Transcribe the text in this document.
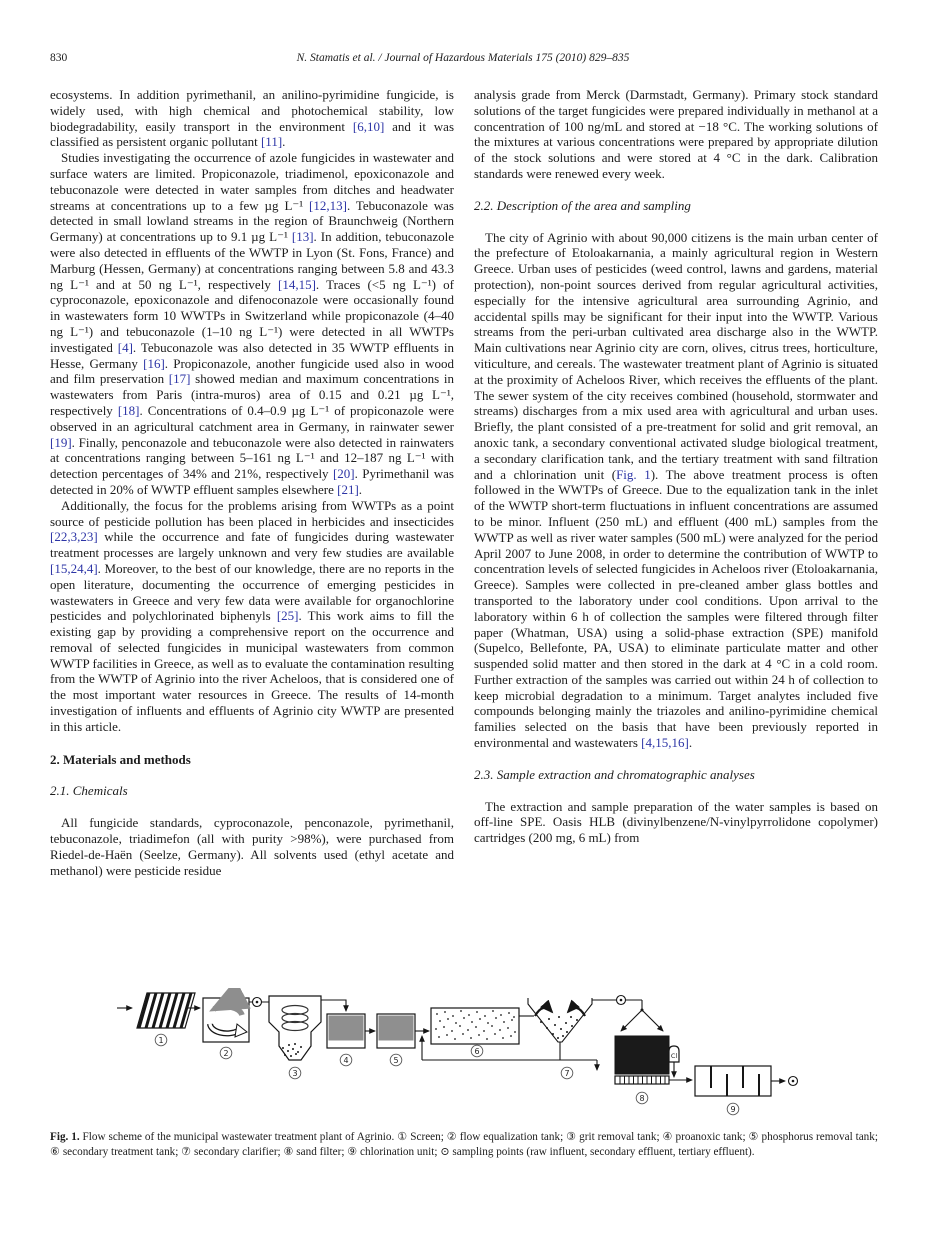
830	N. Stamatis et al. / Journal of Hazardous Materials 175 (2010) 829–835

ecosystems. In addition pyrimethanil, an anilino-pyrimidine fungicide, is widely used, with high chemical and photochemical stability, low biodegradability, easily transport in the environment [6,10] and it was classified as persistent organic pollutant [11].

Studies investigating the occurrence of azole fungicides in wastewater and surface waters are limited. Propiconazole, triadimenol, epoxiconazole and tebuconazole were detected in water samples from ditches and headwater streams at concentrations up to a few µg L⁻¹ [12,13]. Tebuconazole was detected in small lowland streams in the region of Braunchweig (Northern Germany) at concentrations up to 9.1 µg L⁻¹ [13]. In addition, tebuconazole were also detected in effluents of the WWTP in Lyon (St. Fons, France) and Marburg (Hessen, Germany) at concentrations ranging between 5.8 and 43.3 ng L⁻¹ and at 50 ng L⁻¹, respectively [14,15]. Traces (<5 ng L⁻¹) of cyproconazole, epoxiconazole and difenoconazole were occasionally found in wastewaters form 10 WWTPs in Switzerland while propiconazole (4–40 ng L⁻¹) and tebuconazole (1–10 ng L⁻¹) were detected in all WWTPs investigated [4]. Tebuconazole was also detected in 35 WWTP effluents in Hesse, Germany [16]. Propiconazole, another fungicide used also in wood and film preservation [17] showed median and maximum concentrations in wastewaters from Paris (intra-muros) area of 0.15 and 0.21 µg L⁻¹, respectively [18]. Concentrations of 0.4–0.9 µg L⁻¹ of propiconazole were observed in an agricultural catchment area in Germany, in rainwater sewer [19]. Finally, penconazole and tebuconazole were also detected in rainwaters at concentrations ranging between 5–161 ng L⁻¹ and 12–187 ng L⁻¹ with detection percentages of 34% and 21%, respectively [20]. Pyrimethanil was detected in 20% of WWTP effluent samples elsewhere [21].

Additionally, the focus for the problems arising from WWTPs as a point source of pesticide pollution has been placed in herbicides and insecticides [22,3,23] while the occurrence and fate of fungicides during wastewater treatment processes are largely unknown and very few studies are available [15,24,4]. Moreover, to the best of our knowledge, there are no reports in the open literature, documenting the occurrence of emerging pesticides in wastewaters in Greece and very few data were available for organochlorine pesticides and polychlorinated biphenyls [25]. This work aims to fill the existing gap by providing a comprehensive report on the occurrence and removal of selected fungicides in municipal wastewaters from common WWTP facilities in Greece, as well as to evaluate the contamination resulting from the WWTP of Agrinio into the river Acheloos, that is considered one of the most important water resources in Greece. The results of 14-month investigation of influents and effluents of Agrinio city WWTP are presented in this article.

2. Materials and methods
2.1. Chemicals

All fungicide standards, cyproconazole, penconazole, pyrimethanil, tebuconazole, triadimefon (all with purity >98%), were purchased from Riedel-de-Haën (Seelze, Germany). All solvents used (ethyl acetate and methanol) were pesticide residue

analysis grade from Merck (Darmstadt, Germany). Primary stock standard solutions of the target fungicides were prepared individually in methanol at a concentration of 100 ng/mL and stored at −18 °C. The working solutions of the mixtures at various concentrations were prepared by appropriate dilution of the stock solutions and were stored at 4 °C in the dark. Calibration standards were renewed every week.

2.2. Description of the area and sampling

The city of Agrinio with about 90,000 citizens is the main urban center of the prefecture of Etoloakarnania, a mainly agricultural region in Western Greece. Urban uses of pesticides (weed control, lawns and gardens, material protection), non-point sources derived from regular agricultural activities, especially for the intensive agricultural area surrounding Agrinio, and accidental spills may be significant for their input into the WWTP. Various streams from the peri-urban cultivated area discharge also in the WWTP. Main cultivations near Agrinio city are corn, olives, citrus trees, horticulture, viticulture, and cereals. The wastewater treatment plant of Agrinio is situated at the proximity of Acheloos River, which receives the effluents of the plant. The sewer system of the city receives combined (household, stormwater and streams) discharges from a mix used area with agricultural and urban uses. Briefly, the plant consisted of a pre-treatment for solid and grit removal, an anoxic tank, a secondary conventional activated sludge biological treatment, a secondary clarification tank, and the tertiary treatment with sand filtration and a chlorination unit (Fig. 1). The above treatment process is often followed in the WWTPs of Greece. Due to the equalization tank in the inlet of the WWTP short-term fluctuations in influent concentrations are assumed to be minor. Influent (250 mL) and effluent (400 mL) samples from the WWTP as well as river water samples (500 mL) were analyzed for the period April 2007 to June 2008, in order to determine the contribution of WWTP to concentration levels of selected fungicides in Acheloos river (Etoloakarnania, Greece). Samples were collected in pre-cleaned amber glass bottles and transported to the laboratory under cool conditions. Upon arrival to the laboratory within 6 h of collection the samples were filtered through filter paper (Whatman, USA) using a solid-phase extraction (SPE) manifold (Supelco, Bellefonte, PA, USA) to eliminate particulate matter and other suspended solid matter and then stored in the dark at 4 °C in a cold room. Further extraction of the samples was carried out within 24 h of collection to keep microbial degradation to a minimum. Target analytes included five compounds belonging mainly the triazoles and anilino-pyrimidine chemical families selected on the basis that have been previously reported in environmental and wastewaters [4,15,16].

2.3. Sample extraction and chromatographic analyses

The extraction and sample preparation of the water samples is based on off-line SPE. Oasis HLB (divinylbenzene/N-vinylpyrrolidone copolymer) cartridges (200 mg, 6 mL) from

1
2
3
4	5
6
7
8
Cl
9

Fig. 1. Flow scheme of the municipal wastewater treatment plant of Agrinio. ① Screen; ② flow equalization tank; ③ grit removal tank; ④ proanoxic tank; ⑤ phosphorus removal tank; ⑥ secondary treatment tank; ⑦ secondary clarifier; ⑧ sand filter; ⑨ chlorination unit; ⊙ sampling points (raw influent, secondary effluent, tertiary effluent).
